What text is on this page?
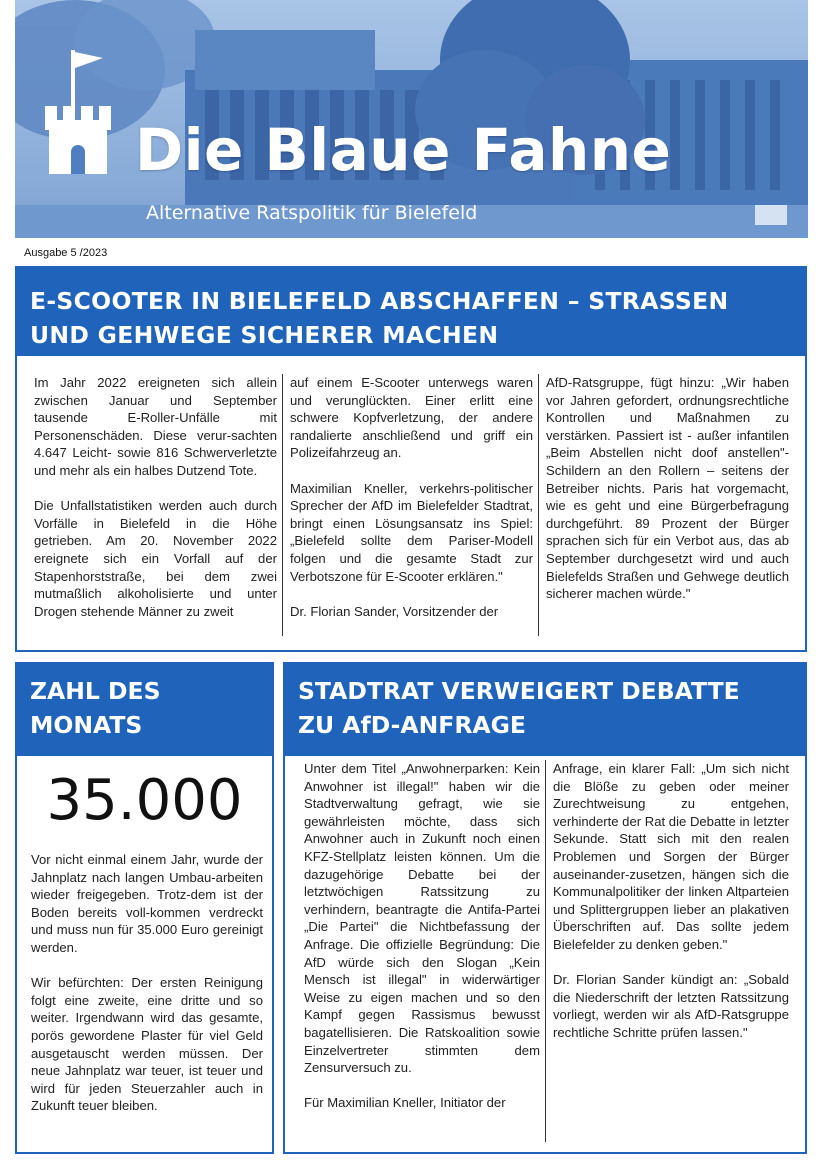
Die Blaue Fahne
Alternative Ratspolitik für Bielefeld
Ausgabe 5 /2023
E-SCOOTER IN BIELEFELD ABSCHAFFEN – STRASSEN
UND GEHWEGE SICHERER MACHEN

Im Jahr 2022 ereigneten sich allein zwischen Januar und September tausende E-Roller-Unfälle mit Personenschäden. Diese verur-sachten 4.647 Leicht- sowie 816 Schwerverletzte und mehr als ein halbes Dutzend Tote.

Die Unfallstatistiken werden auch durch Vorfälle in Bielefeld in die Höhe getrieben. Am 20. November 2022 ereignete sich ein Vorfall auf der Stapenhorststraße, bei dem zwei mutmaßlich alkoholisierte und unter Drogen stehende Männer zu zweit

auf einem E-Scooter unterwegs waren und verunglückten. Einer erlitt eine schwere Kopfverletzung, der andere randalierte anschließend und griff ein Polizeifahrzeug an.

Maximilian Kneller, verkehrs-politischer Sprecher der AfD im Bielefelder Stadtrat, bringt einen Lösungsansatz ins Spiel: „Bielefeld sollte dem Pariser-Modell folgen und die gesamte Stadt zur Verbotszone für E-Scooter erklären."

Dr. Florian Sander, Vorsitzender der

AfD-Ratsgruppe, fügt hinzu: „Wir haben vor Jahren gefordert, ordnungsrechtliche Kontrollen und Maßnahmen zu verstärken. Passiert ist - außer infantilen „Beim Abstellen nicht doof anstellen"-Schildern an den Rollern – seitens der Betreiber nichts. Paris hat vorgemacht, wie es geht und eine Bürgerbefragung durchgeführt. 89 Prozent der Bürger sprachen sich für ein Verbot aus, das ab September durchgesetzt wird und auch Bielefelds Straßen und Gehwege deutlich sicherer machen würde."

ZAHL DES
MONATS
35.000

Vor nicht einmal einem Jahr, wurde der Jahnplatz nach langen Umbau-arbeiten wieder freigegeben. Trotz-dem ist der Boden bereits voll-kommen verdreckt und muss nun für 35.000 Euro gereinigt werden.

Wir befürchten: Der ersten Reinigung folgt eine zweite, eine dritte und so weiter. Irgendwann wird das gesamte, porös gewordene Plaster für viel Geld ausgetauscht werden müssen. Der neue Jahnplatz war teuer, ist teuer und wird für jeden Steuerzahler auch in Zukunft teuer bleiben.

STADTRAT VERWEIGERT DEBATTE
ZU AfD-ANFRAGE

Unter dem Titel „Anwohnerparken: Kein Anwohner ist illegal!" haben wir die Stadtverwaltung gefragt, wie sie gewährleisten möchte, dass sich Anwohner auch in Zukunft noch einen KFZ-Stellplatz leisten können. Um die dazugehörige Debatte bei der letztwöchigen Ratssitzung zu verhindern, beantragte die Antifa-Partei „Die Partei" die Nichtbefassung der Anfrage. Die offizielle Begründung: Die AfD würde sich den Slogan „Kein Mensch ist illegal" in widerwärtiger Weise zu eigen machen und so den Kampf gegen Rassismus bewusst bagatellisieren. Die Ratskoalition sowie Einzelvertreter stimmten dem Zensurversuch zu.

Für Maximilian Kneller, Initiator der

Anfrage, ein klarer Fall: „Um sich nicht die Blöße zu geben oder meiner Zurechtweisung zu entgehen, verhinderte der Rat die Debatte in letzter Sekunde. Statt sich mit den realen Problemen und Sorgen der Bürger auseinander-zusetzen, hängen sich die Kommunalpolitiker der linken Altparteien und Splittergruppen lieber an plakativen Überschriften auf. Das sollte jedem Bielefelder zu denken geben."

Dr. Florian Sander kündigt an: „Sobald die Niederschrift der letzten Ratssitzung vorliegt, werden wir als AfD-Ratsgruppe rechtliche Schritte prüfen lassen."
